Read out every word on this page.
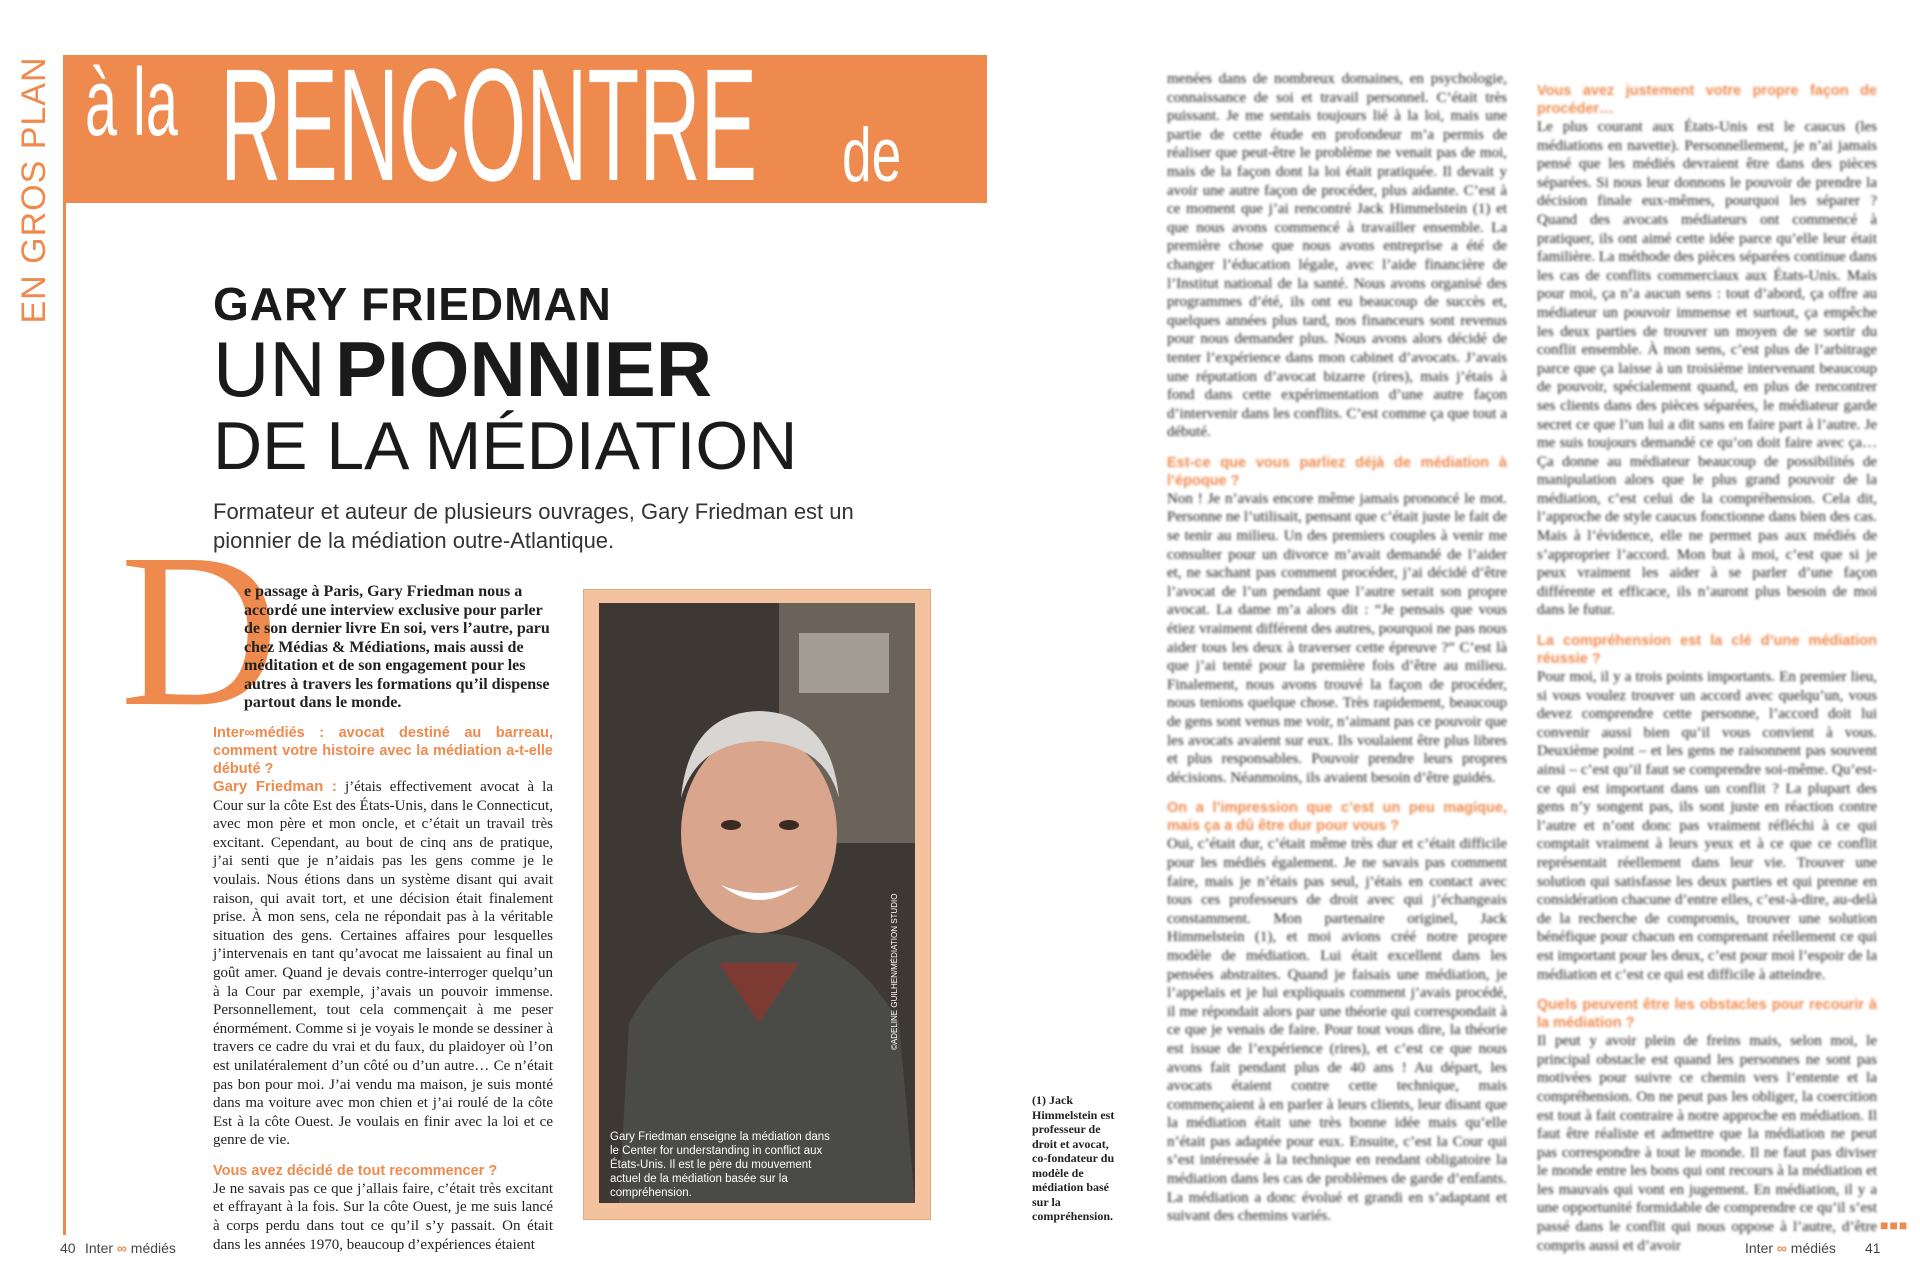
EN GROS PLAN à la RENCONTRE de
GARY FRIEDMAN
UN PIONNIER
DE LA MÉDIATION
Formateur et auteur de plusieurs ouvrages, Gary Friedman est un pionnier de la médiation outre-Atlantique.
D
e passage à Paris, Gary Friedman nous a accordé une interview exclusive pour parler de son dernier livre En soi, vers l’autre, paru chez Médias & Médiations, mais aussi de méditation et de son engagement pour les autres à travers les formations qu’il dispense partout dans le monde.
Inter∞médiés : avocat destiné au barreau, comment votre histoire avec la médiation a-t-elle débuté ?
Gary Friedman : j’étais effectivement avocat à la Cour sur la côte Est des États-Unis, dans le Connecticut, avec mon père et mon oncle, et c’était un travail très excitant. Cependant, au bout de cinq ans de pratique, j’ai senti que je n’aidais pas les gens comme je le voulais. Nous étions dans un système disant qui avait raison, qui avait tort, et une décision était finalement prise. À mon sens, cela ne répondait pas à la véritable situation des gens. Certaines affaires pour lesquelles j’intervenais en tant qu’avocat me laissaient au final un goût amer. Quand je devais contre-interroger quelqu’un à la Cour par exemple, j’avais un pouvoir immense. Personnellement, tout cela commençait à me peser énormément. Comme si je voyais le monde se dessiner à travers ce cadre du vrai et du faux, du plaidoyer où l’on est unilatéralement d’un côté ou d’un autre… Ce n’était pas bon pour moi. J’ai vendu ma maison, je suis monté dans ma voiture avec mon chien et j’ai roulé de la côte Est à la côte Ouest. Je voulais en finir avec la loi et ce genre de vie.
Vous avez décidé de tout recommencer ?
Je ne savais pas ce que j’allais faire, c’était très excitant et effrayant à la fois. Sur la côte Ouest, je me suis lancé à corps perdu dans tout ce qu’il s’y passait. On était dans les années 1970, beaucoup d’expériences étaient
Gary Friedman enseigne la médiation dans le Center for understanding in conflict aux États-Unis. Il est le père du mouvement actuel de la médiation basée sur la compréhension.
©ADELINE GUILHEN/MÉDIATION STUDIO
(1) Jack Himmelstein est professeur de droit et avocat, co-fondateur du modèle de médiation basé sur la compréhension.
menées dans de nombreux domaines, en psychologie, connaissance de soi et travail personnel. C’était très puissant. Je me sentais toujours lié à la loi, mais une partie de cette étude en profondeur m’a permis de réaliser que peut-être le problème ne venait pas de moi, mais de la façon dont la loi était pratiquée. Il devait y avoir une autre façon de procéder, plus aidante. C’est à ce moment que j’ai rencontré Jack Himmelstein (1) et que nous avons commencé à travailler ensemble. La première chose que nous avons entreprise a été de changer l’éducation légale, avec l’aide financière de l’Institut national de la santé. Nous avons organisé des programmes d’été, ils ont eu beaucoup de succès et, quelques années plus tard, nos financeurs sont revenus pour nous demander plus. Nous avons alors décidé de tenter l’expérience dans mon cabinet d’avocats. J’avais une réputation d’avocat bizarre (rires), mais j’étais à fond dans cette expérimentation d’une autre façon d’intervenir dans les conflits. C’est comme ça que tout a débuté.
Est-ce que vous parliez déjà de médiation à l’époque ?
Non ! Je n’avais encore même jamais prononcé le mot. Personne ne l’utilisait, pensant que c’était juste le fait de se tenir au milieu. Un des premiers couples à venir me consulter pour un divorce m’avait demandé de l’aider et, ne sachant pas comment procéder, j’ai décidé d’être l’avocat de l’un pendant que l’autre serait son propre avocat. La dame m’a alors dit : “Je pensais que vous étiez vraiment différent des autres, pourquoi ne pas nous aider tous les deux à traverser cette épreuve ?” C’est là que j’ai tenté pour la première fois d’être au milieu. Finalement, nous avons trouvé la façon de procéder, nous tenions quelque chose. Très rapidement, beaucoup de gens sont venus me voir, n’aimant pas ce pouvoir que les avocats avaient sur eux. Ils voulaient être plus libres et plus responsables. Pouvoir prendre leurs propres décisions. Néanmoins, ils avaient besoin d’être guidés.
On a l’impression que c’est un peu magique, mais ça a dû être dur pour vous ?
Oui, c’était dur, c’était même très dur et c’était difficile pour les médiés également. Je ne savais pas comment faire, mais je n’étais pas seul, j’étais en contact avec tous ces professeurs de droit avec qui j’échangeais constamment. Mon partenaire originel, Jack Himmelstein (1), et moi avions créé notre propre modèle de médiation. Lui était excellent dans les pensées abstraites. Quand je faisais une médiation, je l’appelais et je lui expliquais comment j’avais procédé, il me répondait alors par une théorie qui correspondait à ce que je venais de faire. Pour tout vous dire, la théorie est issue de l’expérience (rires), et c’est ce que nous avons fait pendant plus de 40 ans ! Au départ, les avocats étaient contre cette technique, mais commençaient à en parler à leurs clients, leur disant que la médiation était une très bonne idée mais qu’elle n’était pas adaptée pour eux. Ensuite, c’est la Cour qui s’est intéressée à la technique en rendant obligatoire la médiation dans les cas de problèmes de garde d’enfants. La médiation a donc évolué et grandi en s’adaptant et suivant des chemins variés.
Vous avez justement votre propre façon de procéder…
Le plus courant aux États-Unis est le caucus (les médiations en navette). Personnellement, je n’ai jamais pensé que les médiés devraient être dans des pièces séparées. Si nous leur donnons le pouvoir de prendre la décision finale eux-mêmes, pourquoi les séparer ? Quand des avocats médiateurs ont commencé à pratiquer, ils ont aimé cette idée parce qu’elle leur était familière. La méthode des pièces séparées continue dans les cas de conflits commerciaux aux États-Unis. Mais pour moi, ça n’a aucun sens : tout d’abord, ça offre au médiateur un pouvoir immense et surtout, ça empêche les deux parties de trouver un moyen de se sortir du conflit ensemble. À mon sens, c’est plus de l’arbitrage parce que ça laisse à un troisième intervenant beaucoup de pouvoir, spécialement quand, en plus de rencontrer ses clients dans des pièces séparées, le médiateur garde secret ce que l’un lui a dit sans en faire part à l’autre. Je me suis toujours demandé ce qu’on doit faire avec ça… Ça donne au médiateur beaucoup de possibilités de manipulation alors que le plus grand pouvoir de la médiation, c’est celui de la compréhension. Cela dit, l’approche de style caucus fonctionne dans bien des cas. Mais à l’évidence, elle ne permet pas aux médiés de s’approprier l’accord. Mon but à moi, c’est que si je peux vraiment les aider à se parler d’une façon différente et efficace, ils n’auront plus besoin de moi dans le futur.
La compréhension est la clé d’une médiation réussie ?
Pour moi, il y a trois points importants. En premier lieu, si vous voulez trouver un accord avec quelqu’un, vous devez comprendre cette personne, l’accord doit lui convenir aussi bien qu’il vous convient à vous. Deuxième point – et les gens ne raisonnent pas souvent ainsi – c’est qu’il faut se comprendre soi-même. Qu’est-ce qui est important dans un conflit ? La plupart des gens n’y songent pas, ils sont juste en réaction contre l’autre et n’ont donc pas vraiment réfléchi à ce qui comptait vraiment à leurs yeux et à ce que ce conflit représentait réellement dans leur vie. Trouver une solution qui satisfasse les deux parties et qui prenne en considération chacune d’entre elles, c’est-à-dire, au-delà de la recherche de compromis, trouver une solution bénéfique pour chacun en comprenant réellement ce qui est important pour les deux, c’est pour moi l’espoir de la médiation et c’est ce qui est difficile à atteindre.
Quels peuvent être les obstacles pour recourir à la médiation ?
Il peut y avoir plein de freins mais, selon moi, le principal obstacle est quand les personnes ne sont pas motivées pour suivre ce chemin vers l’entente et la compréhension. On ne peut pas les obliger, la coercition est tout à fait contraire à notre approche en médiation. Il faut être réaliste et admettre que la médiation ne peut pas correspondre à tout le monde. Il ne faut pas diviser le monde entre les bons qui ont recours à la médiation et les mauvais qui vont en jugement. En médiation, il y a une opportunité formidable de comprendre ce qu’il s’est passé dans le conflit qui nous oppose à l’autre, d’être compris aussi et d’avoir
40 Inter ∞ médiés	Inter ∞ médiés 41
■■■
